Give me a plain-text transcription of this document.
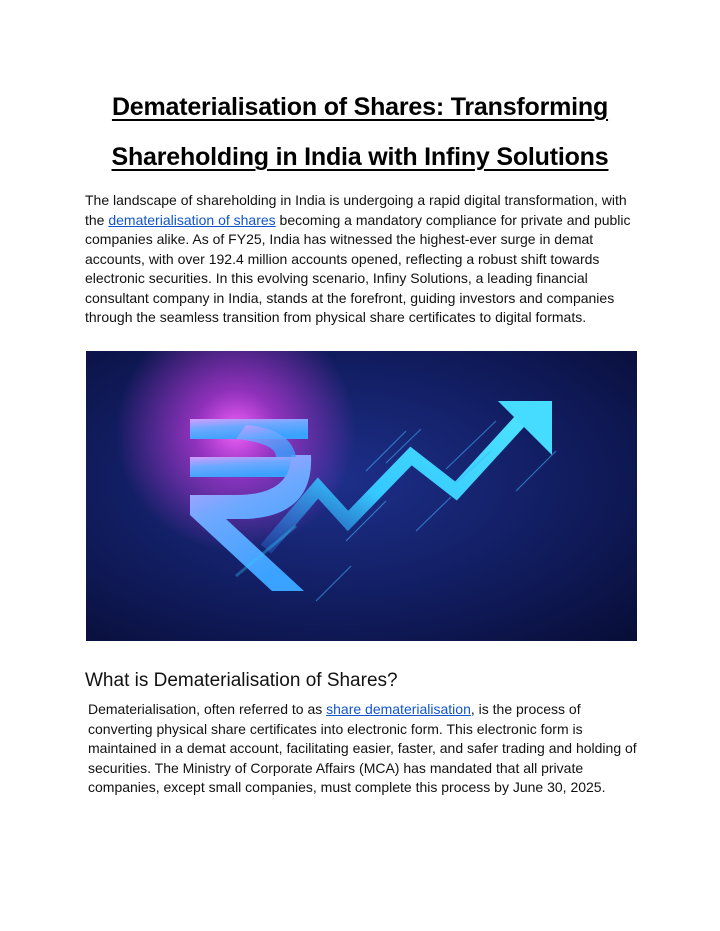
Dematerialisation of Shares: Transforming
Shareholding in India with Infiny Solutions

The landscape of shareholding in India is undergoing a rapid digital transformation, with the dematerialisation of shares becoming a mandatory compliance for private and public companies alike. As of FY25, India has witnessed the highest-ever surge in demat accounts, with over 192.4 million accounts opened, reflecting a robust shift towards electronic securities. In this evolving scenario, Infiny Solutions, a leading financial consultant company in India, stands at the forefront, guiding investors and companies through the seamless transition from physical share certificates to digital formats.

What is Dematerialisation of Shares?

Dematerialisation, often referred to as share dematerialisation, is the process of converting physical share certificates into electronic form. This electronic form is maintained in a demat account, facilitating easier, faster, and safer trading and holding of securities. The Ministry of Corporate Affairs (MCA) has mandated that all private companies, except small companies, must complete this process by June 30, 2025.
